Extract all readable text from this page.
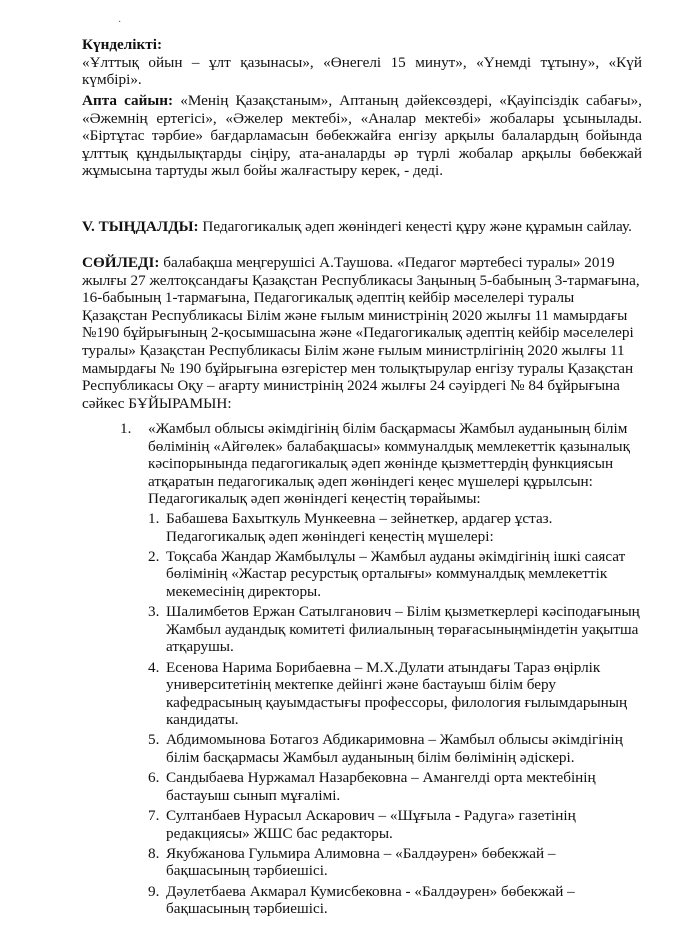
·

Күнделікті:

«Ұлттық ойын – ұлт қазынасы», «Өнегелі 15 минут», «Үнемді тұтыну», «Күй күмбірі».

Апта сайын: «Менің Қазақстаным», Аптаның дәйексөздері, «Қауіпсіздік сабағы», «Әжемнің ертегісі», «Әжелер мектебі», «Аналар мектебі» жобалары ұсынылады. «Біртұтас тәрбие» бағдарламасын бөбекжайға енгізу арқылы балалардың бойында ұлттық құндылықтарды сіңіру, ата-аналарды әр түрлі жобалар арқылы бөбекжай жұмысына тартуды жыл бойы жалғастыру керек, - деді.

V. ТЫҢДАЛДЫ: Педагогикалық әдеп жөніндегі кеңесті құру және құрамын сайлау.

СӨЙЛЕДІ: балабақша меңгерушісі А.Таушова. «Педагог мәртебесі туралы» 2019 жылғы 27 желтоқсандағы Қазақстан Республикасы Заңының 5-бабының 3-тармағына, 16-бабының 1-тармағына, Педагогикалық әдептің кейбір мәселелері туралы Қазақстан Республикасы Білім және ғылым министрінің 2020 жылғы 11 мамырдағы №190 бұйрығының 2-қосымшасына және «Педагогикалық әдептің кейбір мәселелері туралы» Қазақстан Республикасы Білім және ғылым министрлігінің 2020 жылғы 11 мамырдағы № 190 бұйрығына өзгерістер мен толықтырулар енгізу туралы Қазақстан Республикасы Оқу – ағарту министрінің 2024 жылғы 24 сәуірдегі № 84 бұйрығына сәйкес БҰЙЫРАМЫН:

1. «Жамбыл облысы әкімдігінің білім басқармасы Жамбыл ауданының білім бөлімінің «Айгөлек» балабақшасы» коммуналдық мемлекеттік қазыналық кәсіпорынында педагогикалық әдеп жөнінде қызметтердің функциясын атқаратын педагогикалық әдеп жөніндегі кеңес мүшелері құрылсын:

Педагогикалық әдеп жөніндегі кеңестің төрайымы:

1. Бабашева Бахыткуль Мункеевна – зейнеткер, ардагер ұстаз.

Педагогикалық әдеп жөніндегі кеңестің мүшелері:

2. Тоқсаба Жандар Жамбылұлы – Жамбыл ауданы әкімдігінің ішкі саясат бөлімінің «Жастар ресурстық орталығы» коммуналдық мемлекеттік мекемесінің директоры.
3. Шалимбетов Ержан Сатылганович – Білім қызметкерлері кәсіподағының Жамбыл аудандық комитеті филиалының төрағасыныңміндетін уақытша атқарушы.
4. Есенова Нарима Борибаевна – М.Х.Дулати атындағы Тараз өңірлік университетінің мектепке дейінгі және бастауыш білім беру кафедрасының қауымдастығы профессоры, филология ғылымдарының кандидаты.
5. Абдимомынова Ботагоз Абдикаримовна – Жамбыл облысы әкімдігінің білім басқармасы Жамбыл ауданының білім бөлімінің әдіскері.
6. Сандыбаева Нуржамал Назарбековна – Амангелді орта мектебінің бастауыш сынып мұғалімі.
7. Султанбаев Нурасыл Аскарович – «Шұғыла - Радуга» газетінің редакциясы» ЖШС бас редакторы.
8. Якубжанова Гульмира Алимовна – «Балдәурен» бөбекжай – бақшасының тәрбиешісі.
9. Дәулетбаева Акмарал Кумисбековна - «Балдәурен» бөбекжай – бақшасының тәрбиешісі.
